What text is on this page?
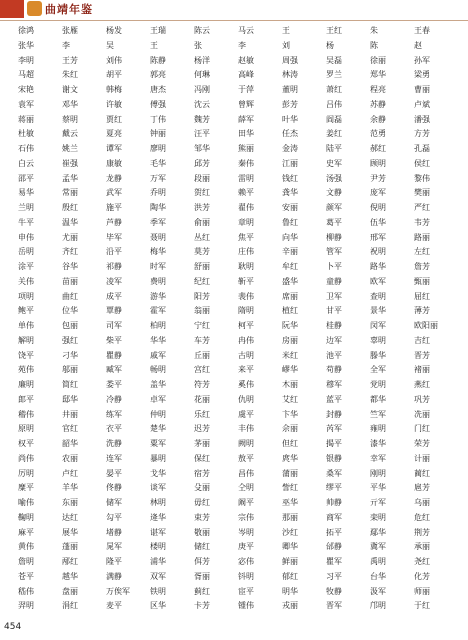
曲靖年鉴
徐鸿	张雁	杨发	王瑞	陈云	马云	王	王红	朱	王春
张华	李	吴	王	张	李	刘	杨	陈	赵
李明	王芳	刘伟	陈静	杨洋	赵敏	周强	吴磊	徐丽	孙军
马超	朱红	胡平	郭亮	何琳	高峰	林涛	罗兰	郑华	梁勇
宋艳	谢文	韩梅	唐杰	冯刚	于萍	董明	萧红	程亮	曹丽
袁军	邓华	许敏	傅强	沈云	曾辉	彭芳	吕伟	苏静	卢斌
蒋丽	蔡明	贾红	丁伟	魏芳	薛军	叶华	阎磊	余静	潘强
杜敏	戴云	夏亮	钟丽	汪平	田华	任杰	姜红	范勇	方芳
石伟	姚兰	谭军	廖明	邹华	熊丽	金涛	陆平	郝红	孔磊
白云	崔强	康敏	毛华	邱芳	秦伟	江丽	史军	顾明	侯红
邵平	孟华	龙静	万军	段丽	雷明	钱红	汤强	尹芳	黎伟
易华	常丽	武军	乔明	贺红	赖平	龚华	文静	庞军	樊丽
兰明	殷红	施平	陶华	洪芳	翟伟	安丽	颜军	倪明	严红
牛平	温华	芦静	季军	俞丽	章明	鲁红	葛平	伍华	韦芳
申伟	尤丽	毕军	聂明	丛红	焦平	向华	柳静	邢军	路丽
岳明	齐红	沿平	梅华	莫芳	庄伟	辛丽	管军	祝明	左红
涂平	谷华	祁静	时军	舒丽	耿明	牟红	卜平	路华	詹芳
关伟	苗丽	凌军	费明	纪红	靳平	盛华	童静	欧军	甄丽
项明	曲红	成平	游华	阳芳	裴伟	席丽	卫军	查明	屈红
鲍平	位华	覃静	霍军	翁丽	隋明	植红	甘平	景华	薄芳
单伟	包丽	司军	柏明	宁红	柯平	阮华	桂静	闵军	欧阳丽
解明	强红	柴平	华华	车芳	冉伟	房丽	边军	辜明	吉红
饶平	刁华	瞿静	戚军	丘丽	古明	米红	池平	滕华	晋芳
苑伟	邬丽	臧军	畅明	宫红	来平	嵺华	苟静	全军	褚丽
廉明	简红	娄平	盖华	符芳	奚伟	木丽	穆军	党明	燕红
郎平	邸华	冷静	卓军	花丽	仇明	艾红	蓝平	都华	巩芳
稽伟	井丽	练军	仲明	乐红	虞平	卞华	封静	竺军	冼丽
原明	官红	衣平	楚华	迟芳	丰伟	佘丽	芮军	雍明	门红
权平	韶华	洗静	粟军	茅丽	阙明	但红	揭平	漆华	荣芳
尚伟	农丽	连军	暴明	保红	敖平	庹华	银静	幸军	计丽
厉明	卢红	晏平	戈华	宿芳	昌伟	蒲丽	桑军	刚明	蔺红
糜平	羊华	佟静	谈军	殳丽	仝明	訾红	缪平	平华	扈芳
喻伟	东丽	储军	林明	毋红	阚平	巫华	帅静	亓军	乌丽
鞠明	达红	勾平	逄华	束芳	宗伟	那丽	商军	栾明	危红
麻平	展华	堵静	谌军	敬丽	岑明	沙红	拓平	鄢华	荆芳
黄伟	蓬丽	晁军	楼明	储红	庚平	卿华	邰静	冀军	承丽
詹明	邴红	隆平	浦华	佴芳	宓伟	鲜丽	瞿军	禹明	尧红
苍平	越华	满静	双军	胥丽	钭明	郁红	习平	台华	化芳
嵇伟	盘丽	万俟军	铁明	蓟红	宦平	明华	牧静	汲军	师丽
羿明	涓红	麦平	区华	卡芳	锺伟	戎丽	晋军	邝明	于红
454
